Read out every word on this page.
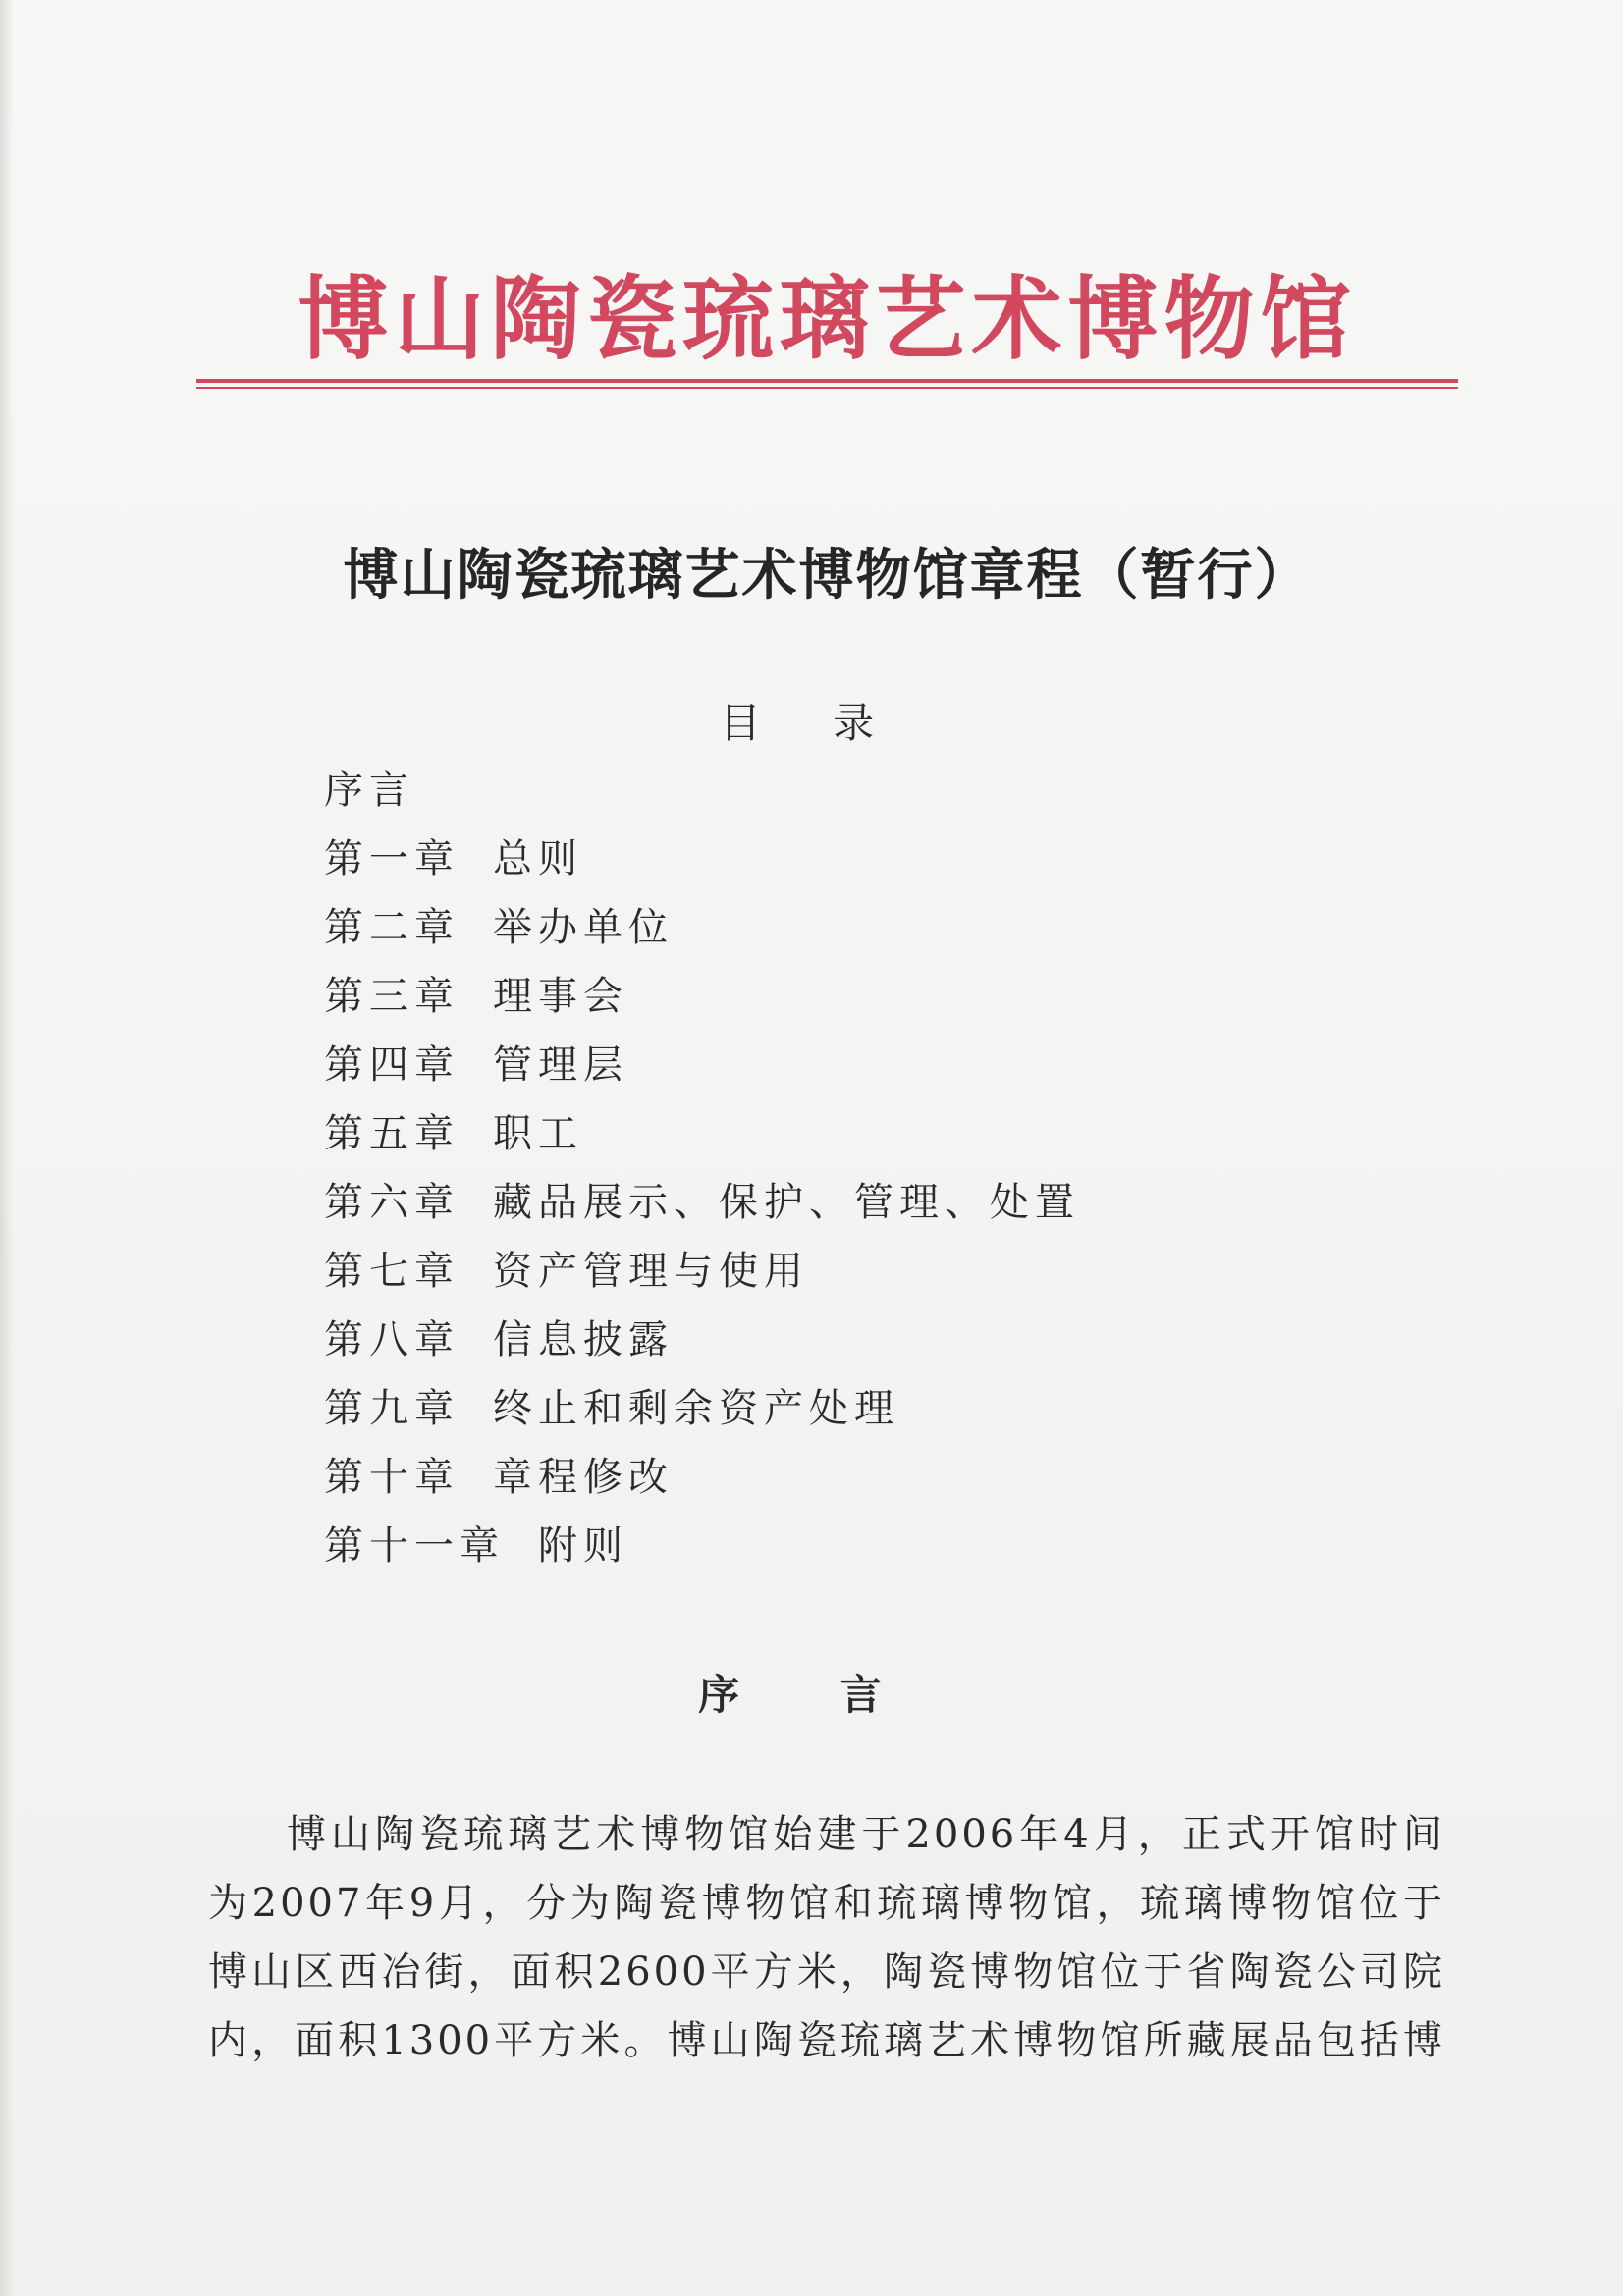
博山陶瓷琉璃艺术博物馆
博山陶瓷琉璃艺术博物馆章程（暂行）
目 录
序言
第一章 总则
第二章 举办单位
第三章 理事会
第四章 管理层
第五章 职工
第六章 藏品展示、保护、管理、处置
第七章 资产管理与使用
第八章 信息披露
第九章 终止和剩余资产处理
第十章 章程修改
第十一章 附则
序 言

博山陶瓷琉璃艺术博物馆始建于2006年4月，正式开馆时间
为2007年9月，分为陶瓷博物馆和琉璃博物馆，琉璃博物馆位于
博山区西冶街，面积2600平方米，陶瓷博物馆位于省陶瓷公司院
内，面积1300平方米。博山陶瓷琉璃艺术博物馆所藏展品包括博
